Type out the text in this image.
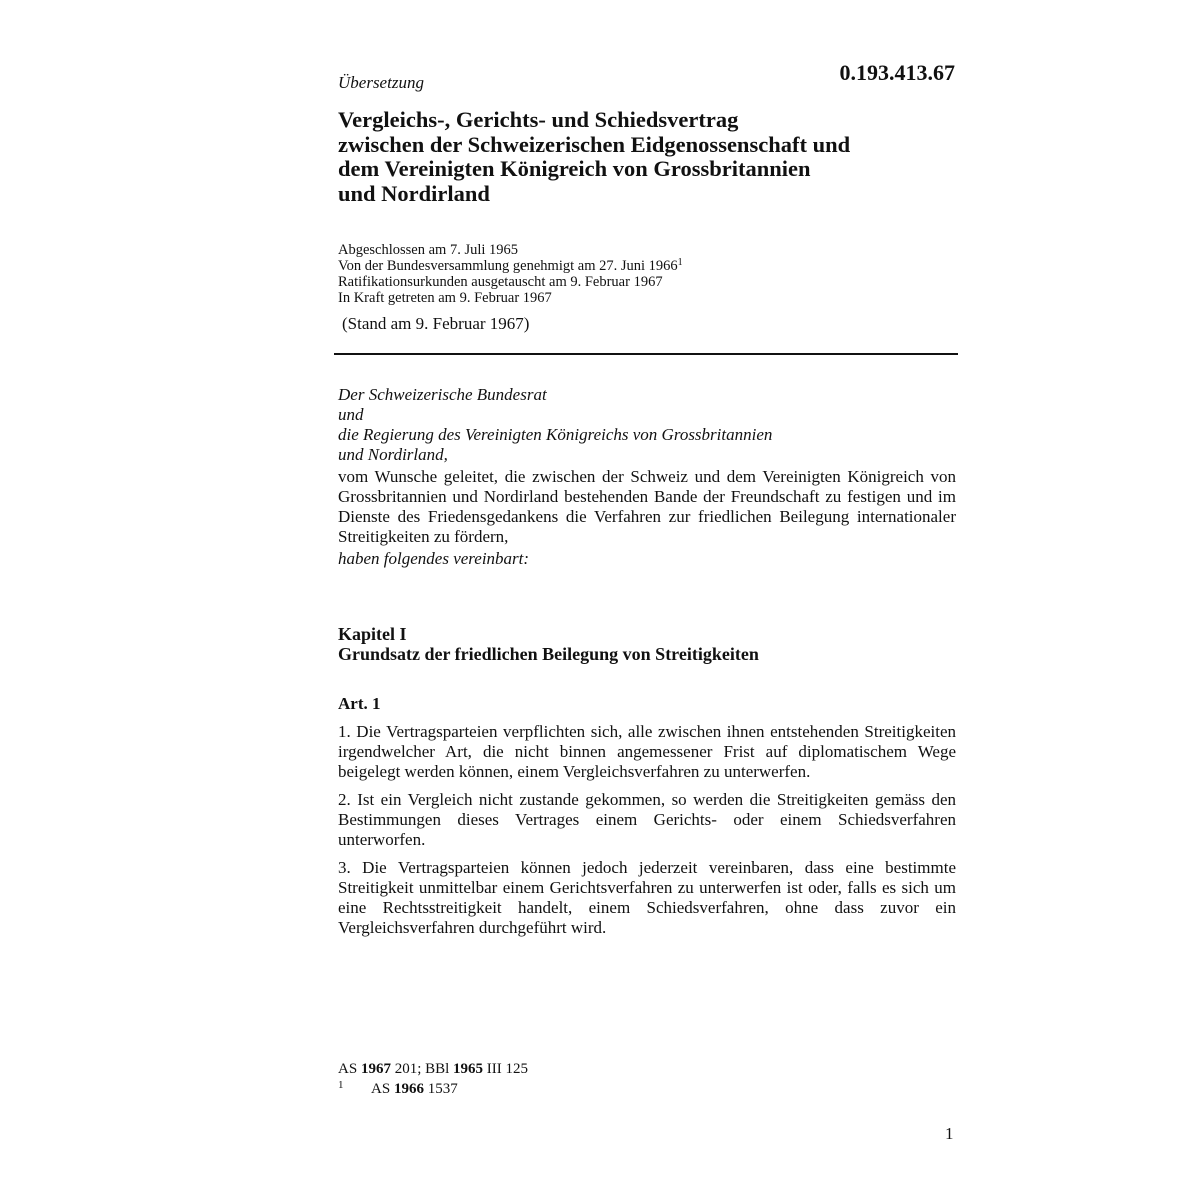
Übersetzung	0.193.413.67
Vergleichs-, Gerichts- und Schiedsvertrag
zwischen der Schweizerischen Eidgenossenschaft und
dem Vereinigten Königreich von Grossbritannien
und Nordirland
Abgeschlossen am 7. Juli 1965
Von der Bundesversammlung genehmigt am 27. Juni 1966$^1$
Ratifikationsurkunden ausgetauscht am 9. Februar 1967
In Kraft getreten am 9. Februar 1967
(Stand am 9. Februar 1967)
Der Schweizerische Bundesrat
und
die Regierung des Vereinigten Königreichs von Grossbritannien
und Nordirland,
vom Wunsche geleitet, die zwischen der Schweiz und dem Vereinigten Königreich von Grossbritannien und Nordirland bestehenden Bande der Freundschaft zu festigen und im Dienste des Friedensgedankens die Verfahren zur friedlichen Beilegung internationaler Streitigkeiten zu fördern,
haben folgendes vereinbart:
Kapitel I
Grundsatz der friedlichen Beilegung von Streitigkeiten
Art. 1
1. Die Vertragsparteien verpflichten sich, alle zwischen ihnen entstehenden Streitigkeiten irgendwelcher Art, die nicht binnen angemessener Frist auf diplomatischem Wege beigelegt werden können, einem Vergleichsverfahren zu unterwerfen.
2. Ist ein Vergleich nicht zustande gekommen, so werden die Streitigkeiten gemäss den Bestimmungen dieses Vertrages einem Gerichts- oder einem Schiedsverfahren unterworfen.
3. Die Vertragsparteien können jedoch jederzeit vereinbaren, dass eine bestimmte Streitigkeit unmittelbar einem Gerichtsverfahren zu unterwerfen ist oder, falls es sich um eine Rechtsstreitigkeit handelt, einem Schiedsverfahren, ohne dass zuvor ein Vergleichsverfahren durchgeführt wird.
AS 1967 201; BBl 1965 III 125
1 AS 1966 1537
1
